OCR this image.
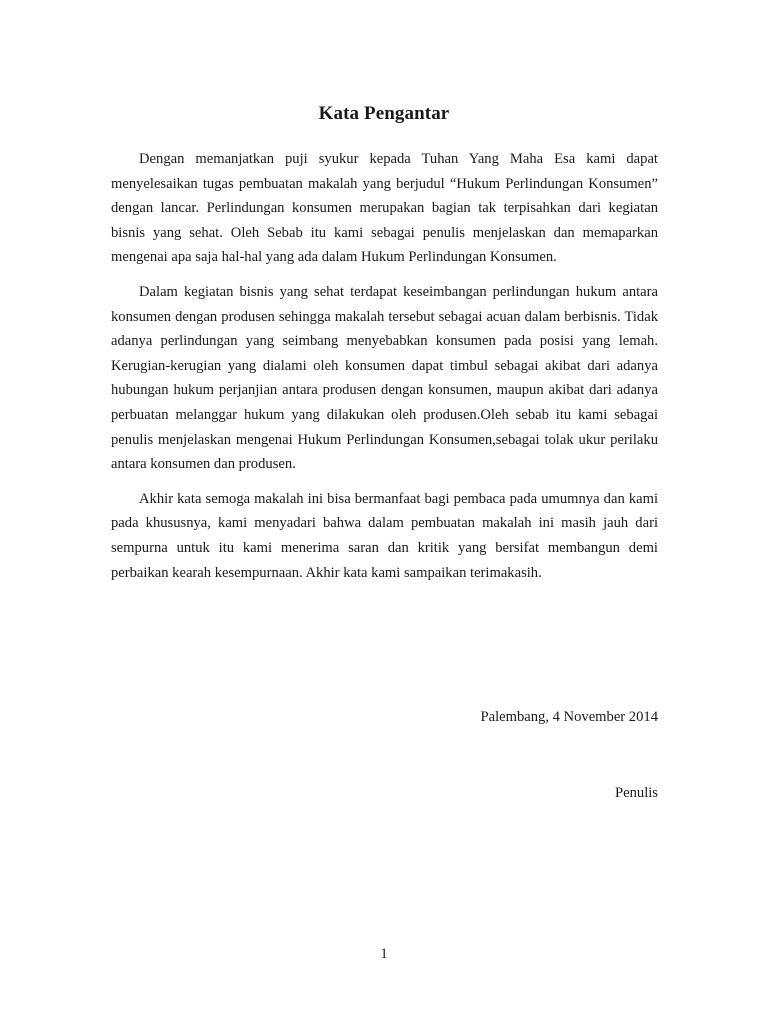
Kata Pengantar

Dengan memanjatkan puji syukur kepada Tuhan Yang Maha Esa kami dapat menyelesaikan tugas pembuatan makalah yang berjudul “Hukum Perlindungan Konsumen” dengan lancar. Perlindungan konsumen merupakan bagian tak terpisahkan dari kegiatan bisnis yang sehat. Oleh Sebab itu kami sebagai penulis menjelaskan dan memaparkan mengenai apa saja hal-hal yang ada dalam Hukum Perlindungan Konsumen.

Dalam kegiatan bisnis yang sehat terdapat keseimbangan perlindungan hukum antara konsumen dengan produsen sehingga makalah tersebut sebagai acuan dalam berbisnis. Tidak adanya perlindungan yang seimbang menyebabkan konsumen pada posisi yang lemah. Kerugian-kerugian yang dialami oleh konsumen dapat timbul sebagai akibat dari adanya hubungan hukum perjanjian antara produsen dengan konsumen, maupun akibat dari adanya perbuatan melanggar hukum yang dilakukan oleh produsen.Oleh sebab itu kami sebagai penulis menjelaskan mengenai Hukum Perlindungan Konsumen,sebagai tolak ukur perilaku antara konsumen dan produsen.

Akhir kata semoga makalah ini bisa bermanfaat bagi pembaca pada umumnya dan kami pada khususnya, kami menyadari bahwa dalam pembuatan makalah ini masih jauh dari sempurna untuk itu kami menerima saran dan kritik yang bersifat membangun demi perbaikan kearah kesempurnaan. Akhir kata kami sampaikan terimakasih.

Palembang, 4 November 2014
Penulis
1
